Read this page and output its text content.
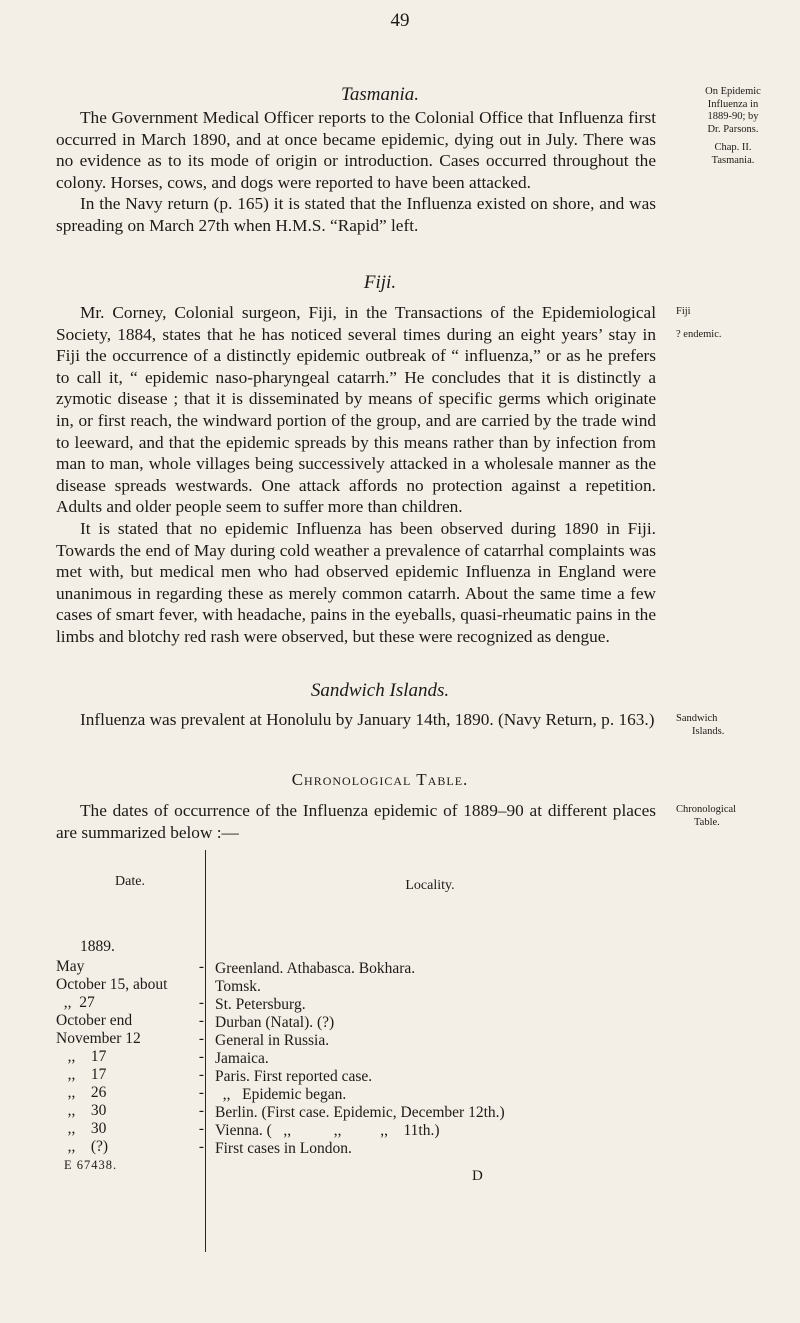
49
Tasmania.

The Government Medical Officer reports to the Colonial Office that Influenza first occurred in March 1890, and at once became epidemic, dying out in July. There was no evidence as to its mode of origin or introduction. Cases occurred throughout the colony. Horses, cows, and dogs were reported to have been attacked.

In the Navy return (p. 165) it is stated that the Influenza existed on shore, and was spreading on March 27th when H.M.S. “Rapid” left.

On Epidemic
Influenza in
1889-90; by
Dr. Parsons.
Chap. II.
Tasmania.
Fiji.

Mr. Corney, Colonial surgeon, Fiji, in the Transactions of the Epidemiological Society, 1884, states that he has noticed several times during an eight years’ stay in Fiji the occurrence of a distinctly epidemic outbreak of “ influenza,” or as he prefers to call it, “ epidemic naso-pharyngeal catarrh.” He concludes that it is distinctly a zymotic disease ; that it is disseminated by means of specific germs which originate in, or first reach, the windward portion of the group, and are carried by the trade wind to leeward, and that the epidemic spreads by this means rather than by infection from man to man, whole villages being successively attacked in a wholesale manner as the disease spreads westwards. One attack affords no protection against a repetition. Adults and older people seem to suffer more than children.

It is stated that no epidemic Influenza has been observed during 1890 in Fiji. Towards the end of May during cold weather a prevalence of catarrhal complaints was met with, but medical men who had observed epidemic Influenza in England were unanimous in regarding these as merely common catarrh. About the same time a few cases of smart fever, with headache, pains in the eyeballs, quasi-rheumatic pains in the limbs and blotchy red rash were observed, but these were recognized as dengue.

Fiji
? endemic.
Sandwich Islands.

Influenza was prevalent at Honolulu by January 14th, 1890. (Navy Return, p. 163.) Sandwich
Islands.
Chronological Table.

The dates of occurrence of the Influenza epidemic of 1889–90 at different places are summarized below :—

Chronological
Table.
Date.	Locality.
1889.
May	- Greenland. Athabasca. Bokhara.
October 15, about	Tomsk.
,,  27	- St. Petersburg.
October end	- Durban (Natal). (?)
November 12	- General in Russia.
,,    17	- Jamaica.
,,    17	- Paris. First reported case.
,,    26	- ,,   Epidemic began.
,,    30	- Berlin. (First case. Epidemic, December 12th.)
,,    30	- Vienna. (   ,,           ,,          ,,    11th.)
,,    (?)	- First cases in London.
E 67438.
D
